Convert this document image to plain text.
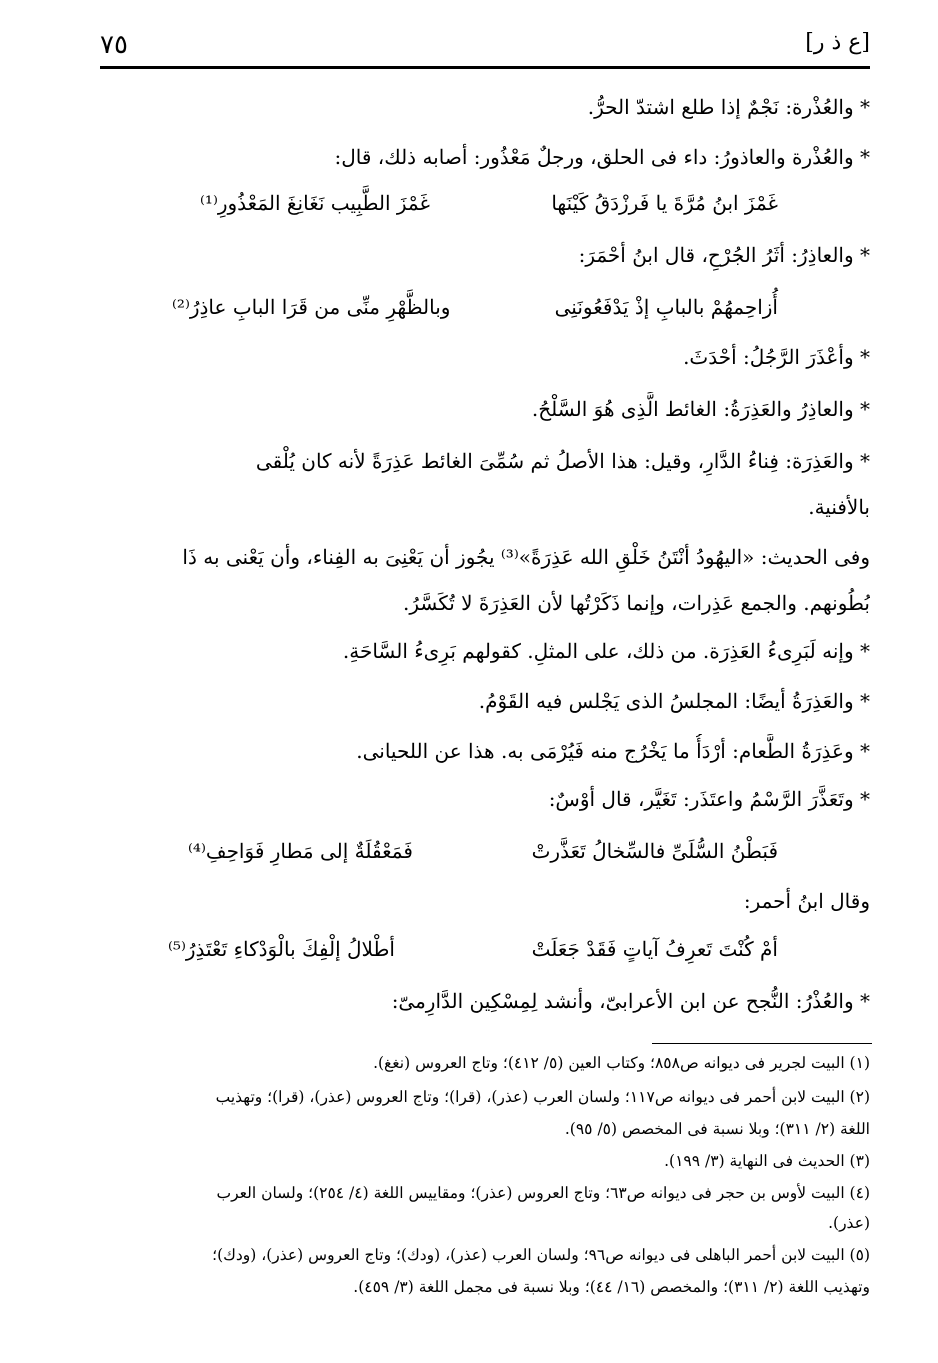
٧٥	[ع ذ ر]
* والعُذْرة: نَجْمٌ إذا طلع اشتدّ الحرُّ.
* والعُذْرة والعاذورُ: داء فى الحلق، ورجلٌ مَعْذُور: أصابه ذلك، قال:
غَمْزَ ابنُ مُرَّةَ يا فَرزْدَقُ كَيْنَها
غَمْزَ الطَّبِيب نَغَانِغَ المَعْذُورِ⁽¹⁾
* والعاذِرُ: أثَرُ الجُرْحِ، قال ابنُ أحْمَرَ:
أُزاحِمهُمْ بالبابِ إذْ يَدْفَعُونَنِى
وبالظَّهْرِ منِّى من قَرَا البابِ عاذِرُ⁽²⁾
* وأعْذَرَ الرَّجُلُ: أحْدَثَ.
* والعاذِرُ والعَذِرَةُ: الغائط الَّذِى هُوَ السَّلْحُ.
* والعَذِرَة: فِناءُ الدَّارِ، وقيل: هذا الأصلُ ثم سُمِّىَ الغائط عَذِرَةً لأنه كان يُلْقى
بالأفنية.
وفى الحديث: «اليهُودُ أنْتَنُ خَلْقِ الله عَذِرَةً»⁽³⁾ يجُوز أن يَعْنِىَ به الفِناء، وأن يَعْنى به ذَا
بُطُونهم. والجمع عَذِرات، وإنما ذَكَرْتُها لأن العَذِرَةَ لا تُكَسَّرُ.
* وإنه لَبَرِىءُ العَذِرَة. من ذلك، على المثلِ. كقولهم بَرِىءُ السَّاحَةِ.
* والعَذِرَةُ أيضًا: المجلسُ الذى يَجْلس فيه القَوْمُ.
* وعَذِرَةُ الطَّعام: أرْدَأُ ما يَخْرُج منه فَيُرْمَى به. هذا عن اللحيانى.
* وتَعَذَّرَ الرَّسْمُ واعتَذَر: تَغَيَّر، قال أوْسٌ:
فَبَطْنُ السُّلَىِّ فالسِّخالُ تَعَذَّرتْ
فَمَعْقُلَةٌ إلى مَطارِ فَوَاحِفِ⁽⁴⁾
وقال ابنُ أحمر:
أمْ كُنْتَ تَعرِفُ آياتٍ فَقَدْ جَعَلَتْ
أطْلالُ إلْفِكَ بالْوَدْكاءِ تَعْتَذِرُ⁽⁵⁾
* والعُذْرُ: النُّجح عن ابن الأعرابىّ، وأنشد لِمِسْكِين الدَّارِمىّ:
(١) البيت لجرير فى ديوانه ص٨٥٨؛ وكتاب العين (٥/ ٤١٢)؛ وتاج العروس (نغغ).
(٢) البيت لابن أحمر فى ديوانه ص١١٧؛ ولسان العرب (عذر)، (قرا)؛ وتاج العروس (عذر)، (قرا)؛ وتهذيب
اللغة (٢/ ٣١١)؛ وبلا نسبة فى المخصص (٥/ ٩٥).
(٣) الحديث فى النهاية (٣/ ١٩٩).
(٤) البيت لأوس بن حجر فى ديوانه ص٦٣؛ وتاج العروس (عذر)؛ ومقاييس اللغة (٤/ ٢٥٤)؛ ولسان العرب
(عذر).
(٥) البيت لابن أحمر الباهلى فى ديوانه ص٩٦؛ ولسان العرب (عذر)، (ودك)؛ وتاج العروس (عذر)، (ودك)؛
وتهذيب اللغة (٢/ ٣١١)؛ والمخصص (١٦/ ٤٤)؛ وبلا نسبة فى مجمل اللغة (٣/ ٤٥٩).
